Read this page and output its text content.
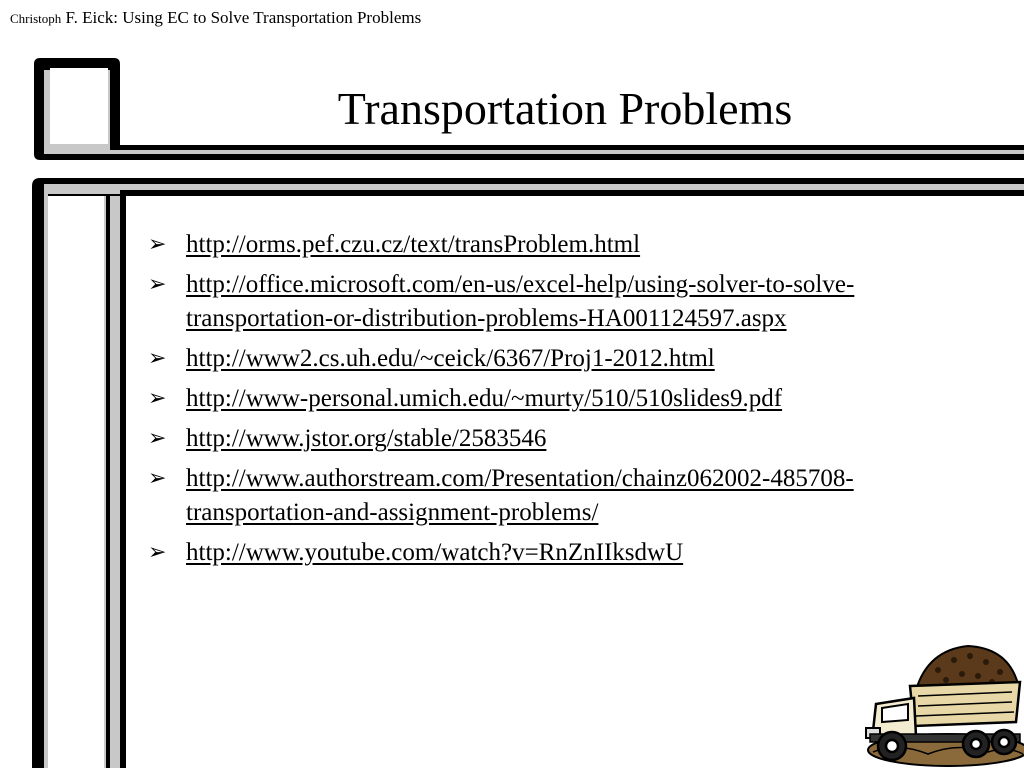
Christoph F. Eick: Using EC to Solve Transportation Problems
Transportation Problems
➢ http://orms.pef.czu.cz/text/transProblem.html
➢ http://office.microsoft.com/en-us/excel-help/using-solver-to-solve-transportation-or-distribution-problems-HA001124597.aspx
➢ http://www2.cs.uh.edu/~ceick/6367/Proj1-2012.html
➢ http://www-personal.umich.edu/~murty/510/510slides9.pdf
➢ http://www.jstor.org/stable/2583546
➢ http://www.authorstream.com/Presentation/chainz062002-485708-transportation-and-assignment-problems/
➢ http://www.youtube.com/watch?v=RnZnIIksdwU
